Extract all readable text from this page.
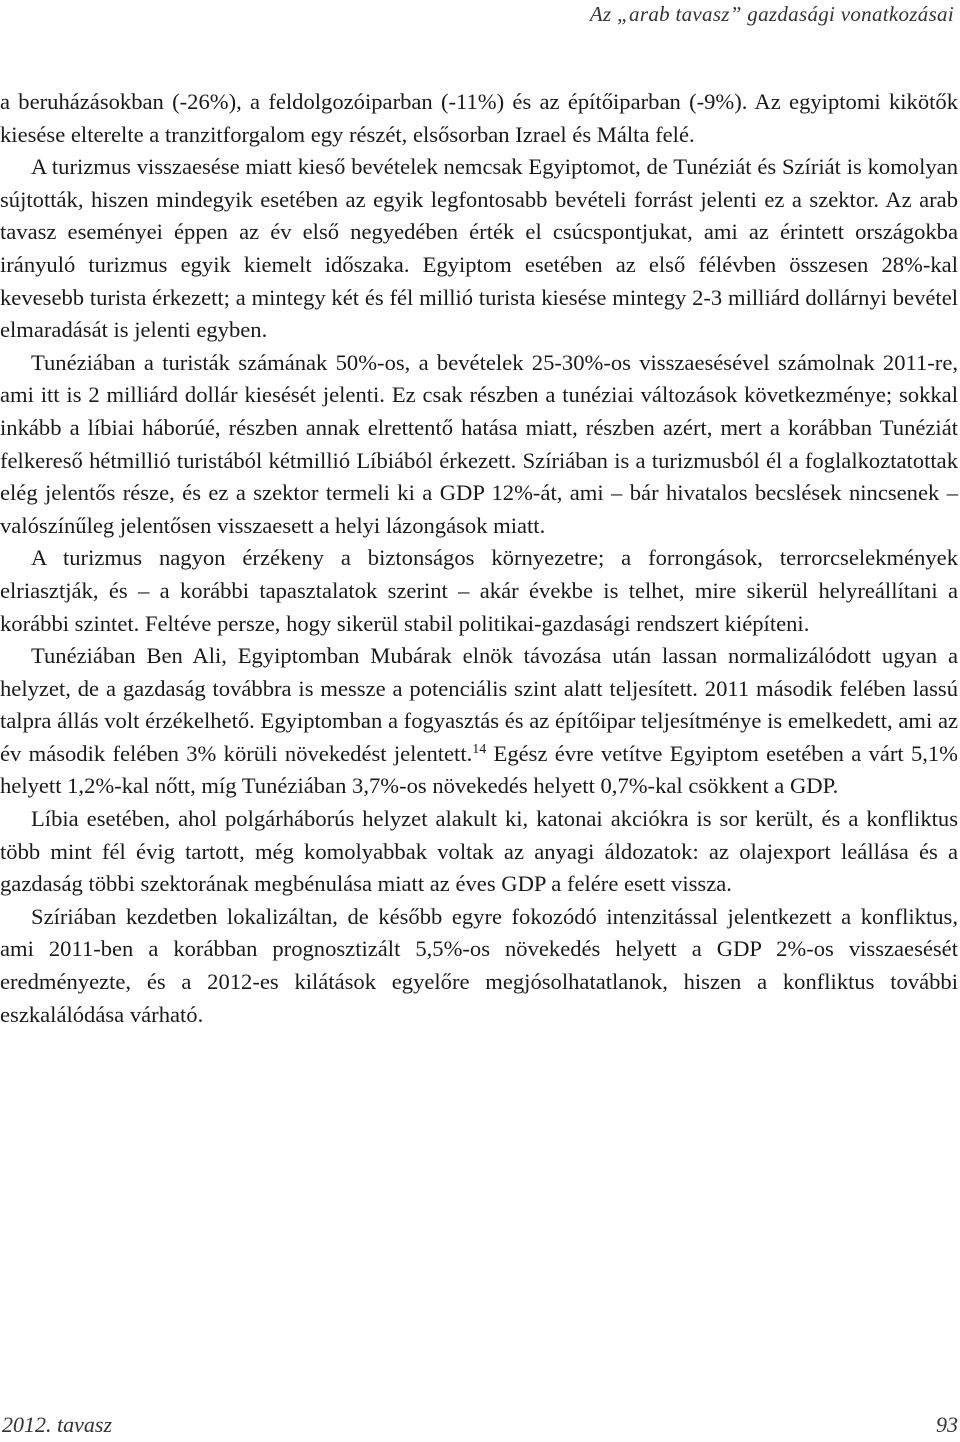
Az „arab tavasz” gazdasági vonatkozásai

a beruházásokban (-26%), a feldolgozóiparban (-11%) és az építőiparban (-9%). Az egyiptomi kikötők kiesése elterelte a tranzitforgalom egy részét, elsősorban Izrael és Málta felé.

A turizmus visszaesése miatt kieső bevételek nemcsak Egyiptomot, de Tunéziát és Szíriát is komolyan sújtották, hiszen mindegyik esetében az egyik legfontosabb bevételi forrást jelenti ez a szektor. Az arab tavasz eseményei éppen az év első negyedében érték el csúcspontjukat, ami az érintett országokba irányuló turizmus egyik kiemelt időszaka. Egyiptom esetében az első félévben összesen 28%-kal kevesebb turista érkezett; a mintegy két és fél millió turista kiesése mintegy 2-3 milliárd dollárnyi bevétel elmaradását is jelenti egyben.

Tunéziában a turisták számának 50%-os, a bevételek 25-30%-os visszaesésével számolnak 2011-re, ami itt is 2 milliárd dollár kiesését jelenti. Ez csak részben a tunéziai változások következménye; sokkal inkább a líbiai háborúé, részben annak elrettentő hatása miatt, részben azért, mert a korábban Tunéziát felkereső hétmillió turistából kétmillió Líbiából érkezett. Szíriában is a turizmusból él a foglalkoztatottak elég jelentős része, és ez a szektor termeli ki a GDP 12%-át, ami – bár hivatalos becslések nincsenek – valószínűleg jelentősen visszaesett a helyi lázongások miatt.

A turizmus nagyon érzékeny a biztonságos környezetre; a forrongások, terrorcselekmények elriasztják, és – a korábbi tapasztalatok szerint – akár évekbe is telhet, mire sikerül helyreállítani a korábbi szintet. Feltéve persze, hogy sikerül stabil politikai-gazdasági rendszert kiépíteni.

Tunéziában Ben Ali, Egyiptomban Mubárak elnök távozása után lassan normalizálódott ugyan a helyzet, de a gazdaság továbbra is messze a potenciális szint alatt teljesített. 2011 második felében lassú talpra állás volt érzékelhető. Egyiptomban a fogyasztás és az építőipar teljesítménye is emelkedett, ami az év második felében 3% körüli növekedést jelentett.$^{14}$ Egész évre vetítve Egyiptom esetében a várt 5,1% helyett 1,2%-kal nőtt, míg Tunéziában 3,7%-os növekedés helyett 0,7%-kal csökkent a GDP.

Líbia esetében, ahol polgárháborús helyzet alakult ki, katonai akciókra is sor került, és a konfliktus több mint fél évig tartott, még komolyabbak voltak az anyagi áldozatok: az olajexport leállása és a gazdaság többi szektorának megbénulása miatt az éves GDP a felére esett vissza.

Szíriában kezdetben lokalizáltan, de később egyre fokozódó intenzitással jelentkezett a konfliktus, ami 2011-ben a korábban prognosztizált 5,5%-os növekedés helyett a GDP 2%-os visszaesését eredményezte, és a 2012-es kilátások egyelőre megjósolhatatlanok, hiszen a konfliktus további eszkalálódása várható.

2012. tavasz	93
